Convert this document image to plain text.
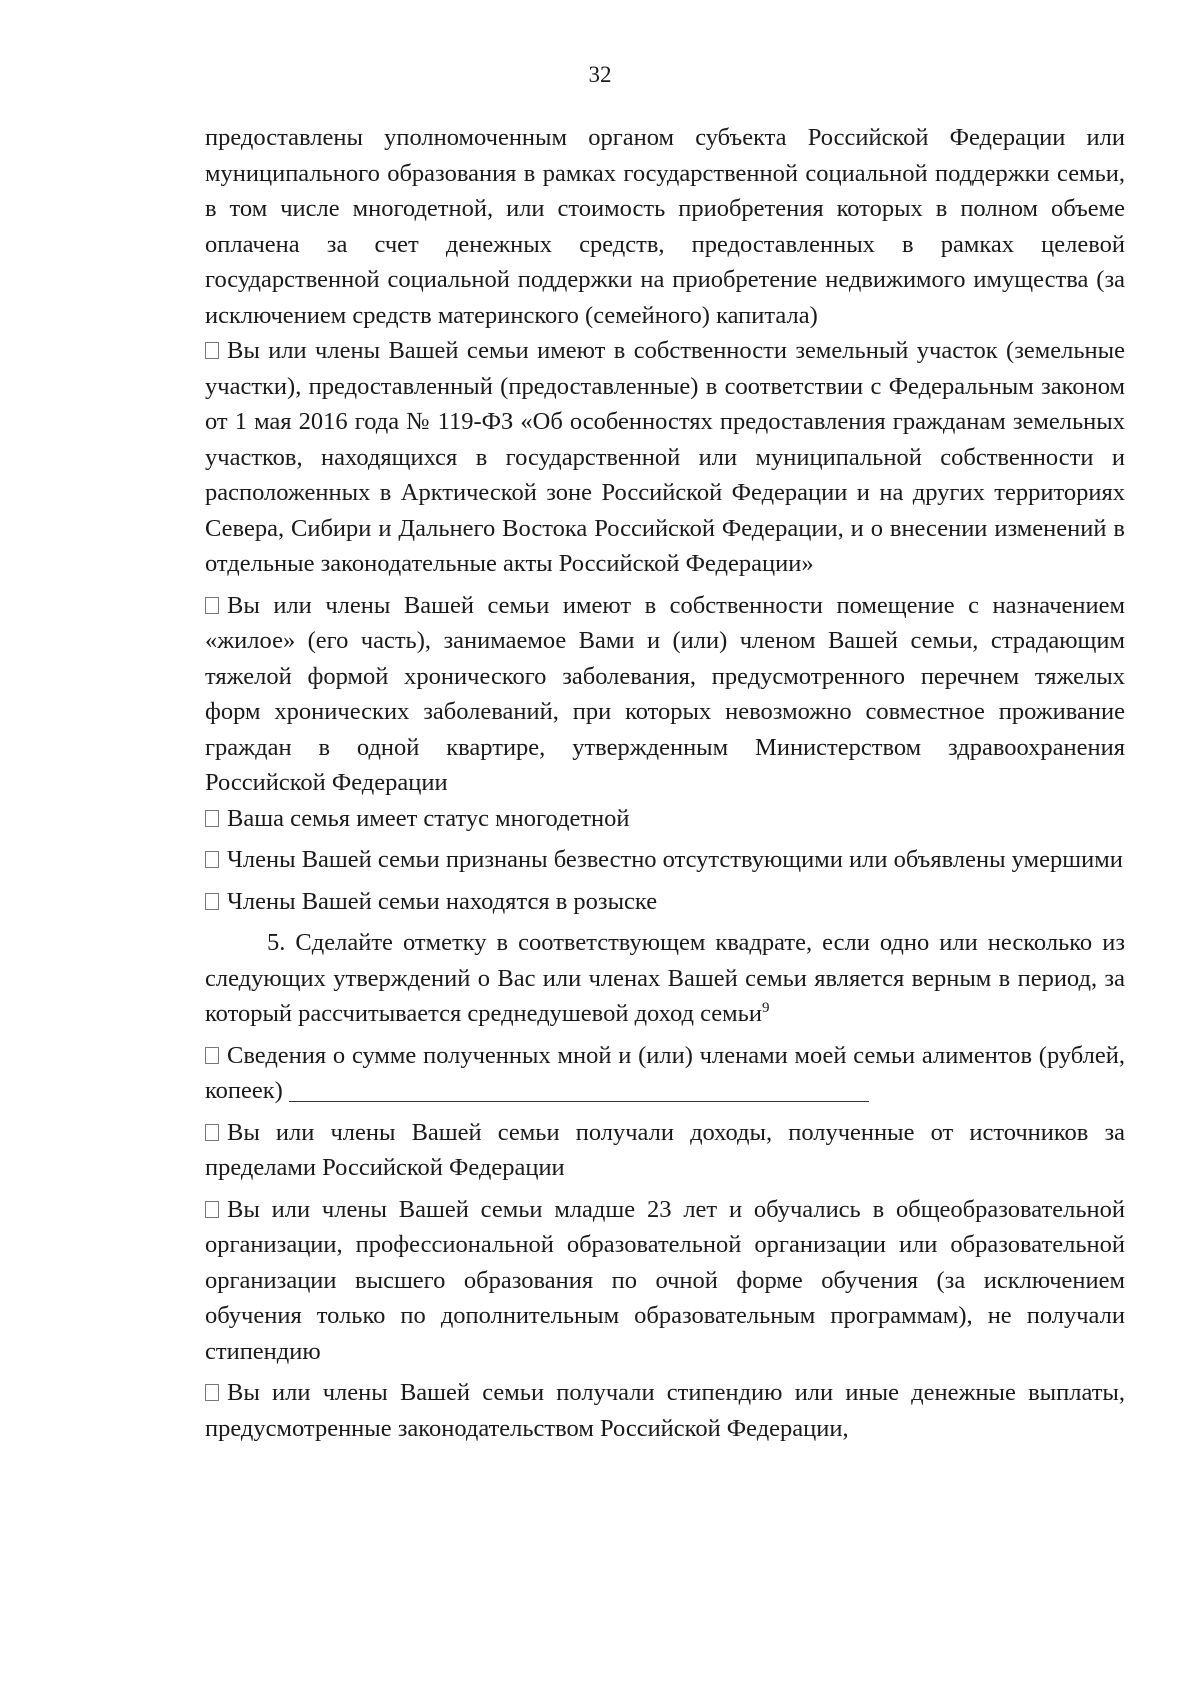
32

предоставлены уполномоченным органом субъекта Российской Федерации или муниципального образования в рамках государственной социальной поддержки семьи, в том числе многодетной, или стоимость приобретения которых в полном объеме оплачена за счет денежных средств, предоставленных в рамках целевой государственной социальной поддержки на приобретение недвижимого имущества (за исключением средств материнского (семейного) капитала)

Вы или члены Вашей семьи имеют в собственности земельный участок (земельные участки), предоставленный (предоставленные) в соответствии с Федеральным законом от 1 мая 2016 года № 119-ФЗ «Об особенностях предоставления гражданам земельных участков, находящихся в государственной или муниципальной собственности и расположенных в Арктической зоне Российской Федерации и на других территориях Севера, Сибири и Дальнего Востока Российской Федерации, и о внесении изменений в отдельные законодательные акты Российской Федерации»

Вы или члены Вашей семьи имеют в собственности помещение с назначением «жилое» (его часть), занимаемое Вами и (или) членом Вашей семьи, страдающим тяжелой формой хронического заболевания, предусмотренного перечнем тяжелых форм хронических заболеваний, при которых невозможно совместное проживание граждан в одной квартире, утвержденным Министерством здравоохранения Российской Федерации

Ваша семья имеет статус многодетной

Члены Вашей семьи признаны безвестно отсутствующими или объявлены умершими

Члены Вашей семьи находятся в розыске

5. Сделайте отметку в соответствующем квадрате, если одно или несколько из следующих утверждений о Вас или членах Вашей семьи является верным в период, за который рассчитывается среднедушевой доход семьи$^9$

Сведения о сумме полученных мной и (или) членами моей семьи алиментов (рублей, копеек)

Вы или члены Вашей семьи получали доходы, полученные от источников за пределами Российской Федерации

Вы или члены Вашей семьи младше 23 лет и обучались в общеобразовательной организации, профессиональной образовательной организации или образовательной организации высшего образования по очной форме обучения (за исключением обучения только по дополнительным образовательным программам), не получали стипендию

Вы или члены Вашей семьи получали стипендию или иные денежные выплаты, предусмотренные законодательством Российской Федерации,
